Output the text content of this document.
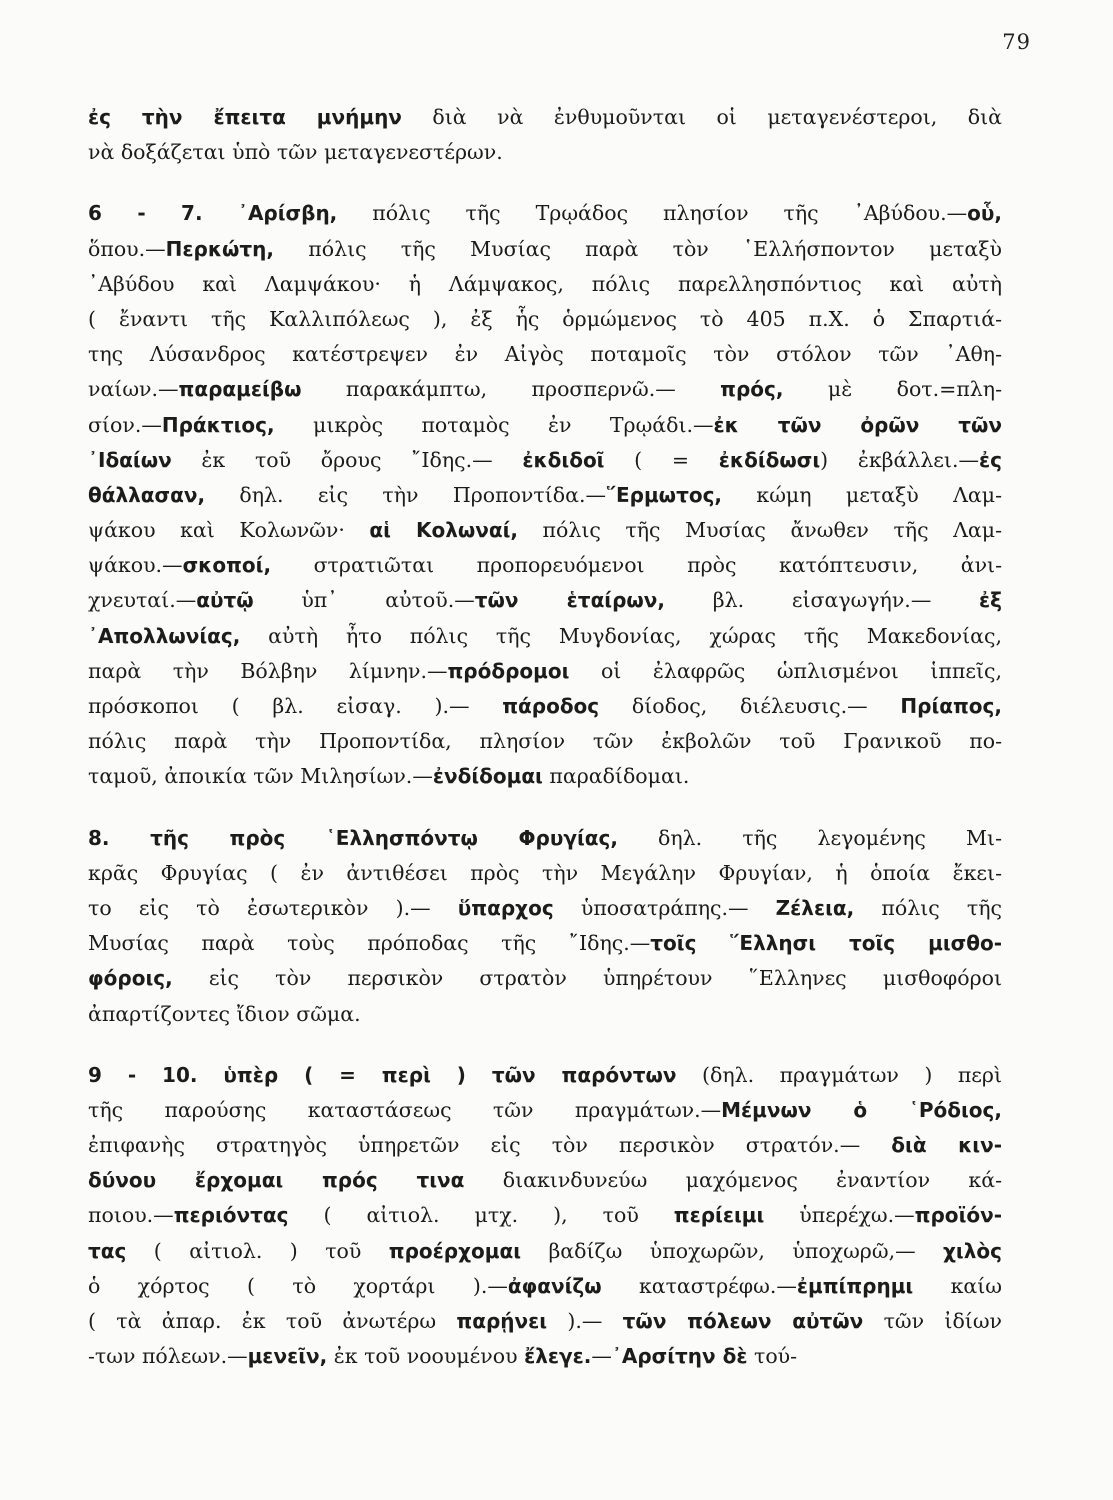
79
ἐς τὴν ἔπειτα μνήμην διὰ νὰ ἐνθυμοῦνται οἱ μεταγενέστεροι, διὰ
νὰ δοξάζεται ὑπὸ τῶν μεταγενεστέρων.
6 - 7. ᾿Αρίσβη, πόλις τῆς Τρῳάδος πλησίον τῆς ᾿Αβύδου.—οὗ,
ὅπου.—Περκώτη, πόλις τῆς Μυσίας παρὰ τὸν ῾Ελλήσποντον μεταξὺ
᾿Αβύδου καὶ Λαμψάκου· ἡ Λάμψακος, πόλις παρελλησπόντιος καὶ αὐτὴ
( ἔναντι τῆς Καλλιπόλεως ), ἐξ ἧς ὁρμώμενος τὸ 405 π.Χ. ὁ Σπαρτιά-
της Λύσανδρος κατέστρεψεν ἐν Αἰγὸς ποταμοῖς τὸν στόλον τῶν ᾿Αθη-
ναίων.—παραμείβω παρακάμπτω, προσπερνῶ.— πρός, μὲ δοτ.=πλη-
σίον.—Πράκτιος, μικρὸς ποταμὸς ἐν Τρῳάδι.—ἐκ τῶν ὀρῶν τῶν
᾿Ιδαίων ἐκ τοῦ ὄρους ῎Ιδης.— ἐκδιδοῖ ( = ἐκδίδωσι) ἐκβάλλει.—ἐς
θάλλασαν, δηλ. εἰς τὴν Προποντίδα.—῞Ερμωτος, κώμη μεταξὺ Λαμ-
ψάκου καὶ Κολωνῶν· αἱ Κολωναί, πόλις τῆς Μυσίας ἄνωθεν τῆς Λαμ-
ψάκου.—σκοποί, στρατιῶται προπορευόμενοι πρὸς κατόπτευσιν, ἀνι-
χνευταί.—αὐτῷ ὑπ᾿ αὐτοῦ.—τῶν ἑταίρων, βλ. εἰσαγωγήν.— ἐξ
᾿Απολλωνίας, αὐτὴ ἦτο πόλις τῆς Μυγδονίας, χώρας τῆς Μακεδονίας,
παρὰ τὴν Βόλβην λίμνην.—πρόδρομοι οἱ ἐλαφρῶς ὡπλισμένοι ἱππεῖς,
πρόσκοποι ( βλ. εἰσαγ. ).— πάροδος δίοδος, διέλευσις.— Πρίαπος,
πόλις παρὰ τὴν Προποντίδα, πλησίον τῶν ἐκβολῶν τοῦ Γρανικοῦ πο-
ταμοῦ, ἀποικία τῶν Μιλησίων.—ἐνδίδομαι παραδίδομαι.
8. τῆς πρὸς ῾Ελλησπόντῳ Φρυγίας, δηλ. τῆς λεγομένης Μι-
κρᾶς Φρυγίας ( ἐν ἀντιθέσει πρὸς τὴν Μεγάλην Φρυγίαν, ἡ ὁποία ἔκει-
το εἰς τὸ ἐσωτερικὸν ).— ὕπαρχος ὑποσατράπης.— Ζέλεια, πόλις τῆς
Μυσίας παρὰ τοὺς πρόποδας τῆς ῎Ιδης.—τοῖς ῞Ελλησι τοῖς μισθο-
φόροις, εἰς τὸν περσικὸν στρατὸν ὑπηρέτουν ῞Ελληνες μισθοφόροι
ἀπαρτίζοντες ἴδιον σῶμα.
9 - 10. ὑπὲρ ( = περὶ ) τῶν παρόντων (δηλ. πραγμάτων ) περὶ
τῆς παρούσης καταστάσεως τῶν πραγμάτων.—Μέμνων ὁ ῾Ρόδιος,
ἐπιφανὴς στρατηγὸς ὑπηρετῶν εἰς τὸν περσικὸν στρατόν.— διὰ κιν-
δύνου ἔρχομαι πρός τινα διακινδυνεύω μαχόμενος ἐναντίον κά-
ποιου.—περιόντας ( αἰτιολ. μτχ. ), τοῦ περίειμι ὑπερέχω.—προϊόν-
τας ( αἰτιολ. ) τοῦ προέρχομαι βαδίζω ὑποχωρῶν, ὑποχωρῶ,— χιλὸς
ὁ χόρτος ( τὸ χορτάρι ).—ἀφανίζω καταστρέφω.—ἐμπίπρημι καίω
( τὰ ἀπαρ. ἐκ τοῦ ἀνωτέρω παρῄνει ).— τῶν πόλεων αὐτῶν τῶν ἰδίων
-των πόλεων.—μενεῖν, ἐκ τοῦ νοουμένου ἔλεγε.—᾿Αρσίτην δὲ τού-
